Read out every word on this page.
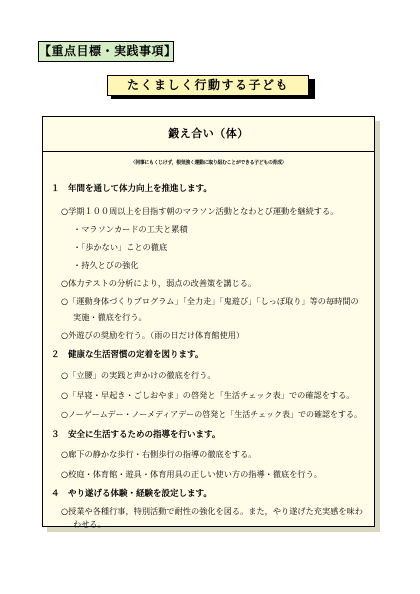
【重点目標・実践事項】
たくましく行動する子ども
鍛え合い（体）
〈何事にもくじけず，根気強く運動に取り組むことができる子どもの育成〉
１　年間を通して体力向上を推進します。
○学期１００周以上を目指す朝のマラソン活動となわとび運動を継続する。
・マラソンカードの工夫と累積
・「歩かない」ことの徹底
・持久とびの強化
○体力テストの分析により，弱点の改善策を講じる。
○「運動身体づくりプログラム」「全力走」「鬼遊び」「しっぽ取り」等の毎時間の
実施・徹底を行う。
○外遊びの奨励を行う。（雨の日だけ体育館使用）
２　健康な生活習慣の定着を図ります。
○「立腰」の実践と声かけの徹底を行う。
○「早寝・早起き・ごしおやま」の啓発と「生活チェック表」での確認をする。
○ノーゲームデー・ノーメディアデーの啓発と「生活チェック表」での確認をする。
３　安全に生活するための指導を行います。
○廊下の静かな歩行・右側歩行の指導の徹底をする。
○校庭・体育館・遊具・体育用具の正しい使い方の指導・徹底を行う。
４　やり遂げる体験・経験を設定します。
○授業や各種行事，特別活動で耐性の強化を図る。また，やり遂げた充実感を味わ
わせる。
